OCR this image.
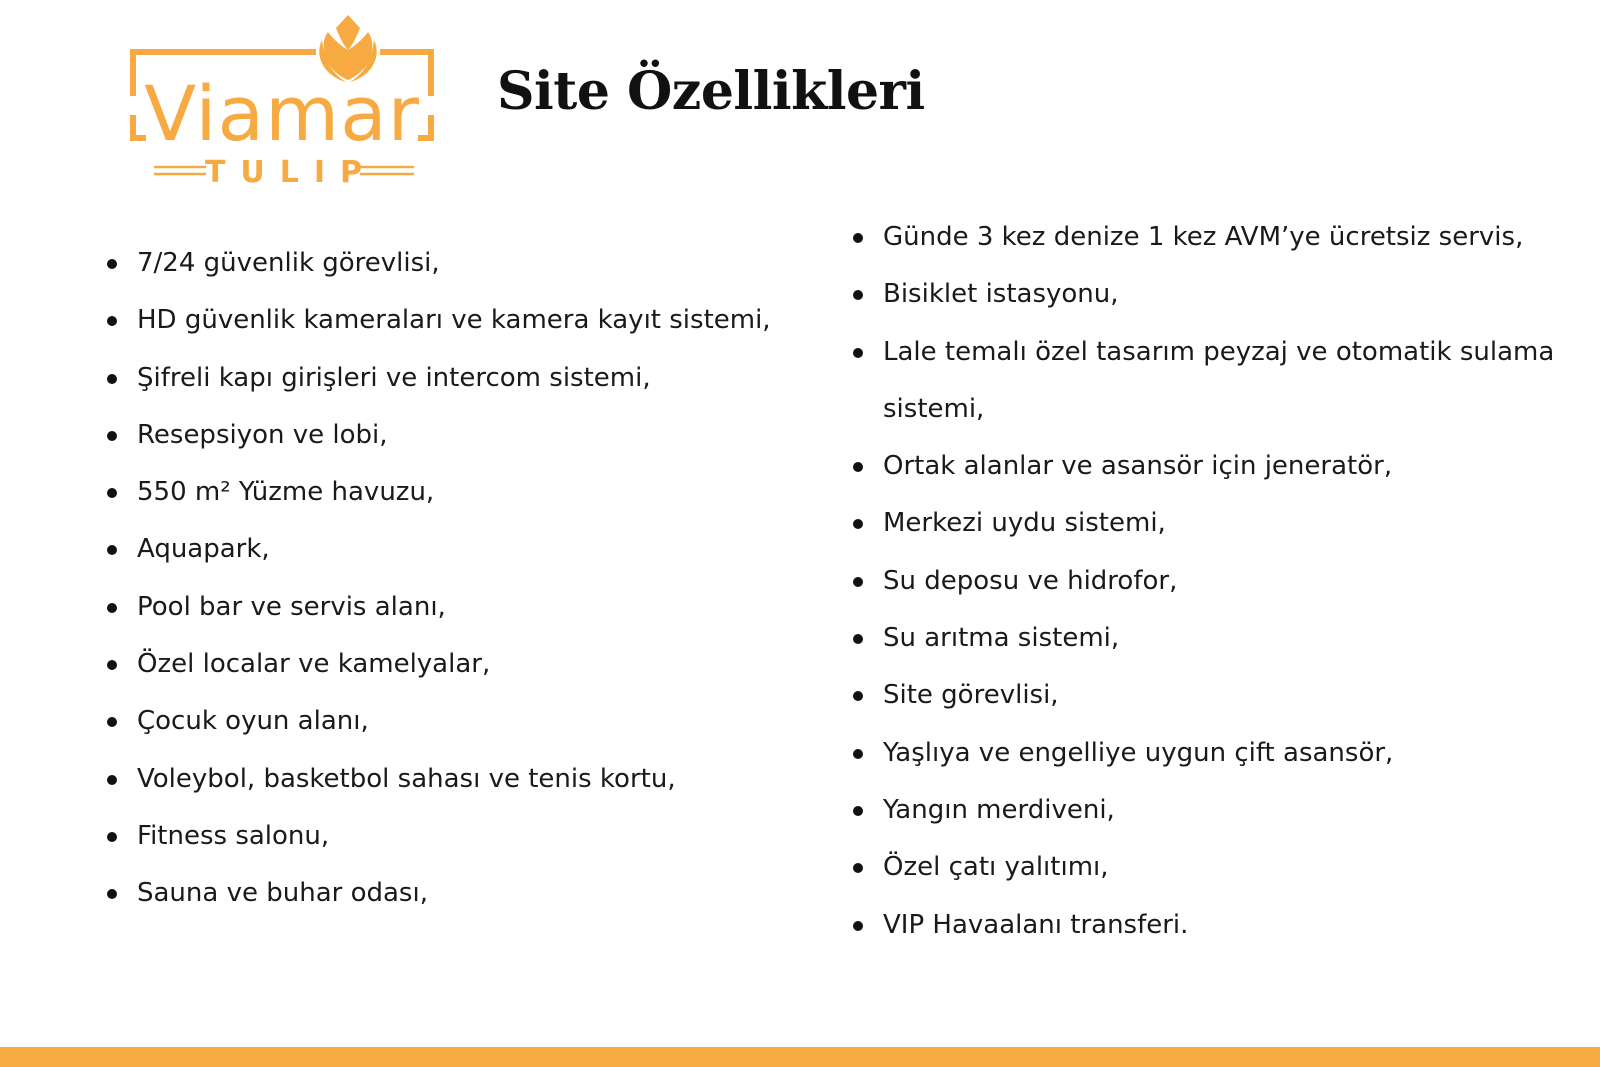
Viamar
TULIP
Site Özellikleri
7/24 güvenlik görevlisi,
HD güvenlik kameraları ve kamera kayıt sistemi,
Şifreli kapı girişleri ve intercom sistemi,
Resepsiyon ve lobi,
550 m² Yüzme havuzu,
Aquapark,
Pool bar ve servis alanı,
Özel localar ve kamelyalar,
Çocuk oyun alanı,
Voleybol, basketbol sahası ve tenis kortu,
Fitness salonu,
Sauna ve buhar odası,
Günde 3 kez denize 1 kez AVM’ye ücretsiz servis,
Bisiklet istasyonu,
Lale temalı özel tasarım peyzaj ve otomatik sulama sistemi,
Ortak alanlar ve asansör için jeneratör,
Merkezi uydu sistemi,
Su deposu ve hidrofor,
Su arıtma sistemi,
Site görevlisi,
Yaşlıya ve engelliye uygun çift asansör,
Yangın merdiveni,
Özel çatı yalıtımı,
VIP Havaalanı transferi.
